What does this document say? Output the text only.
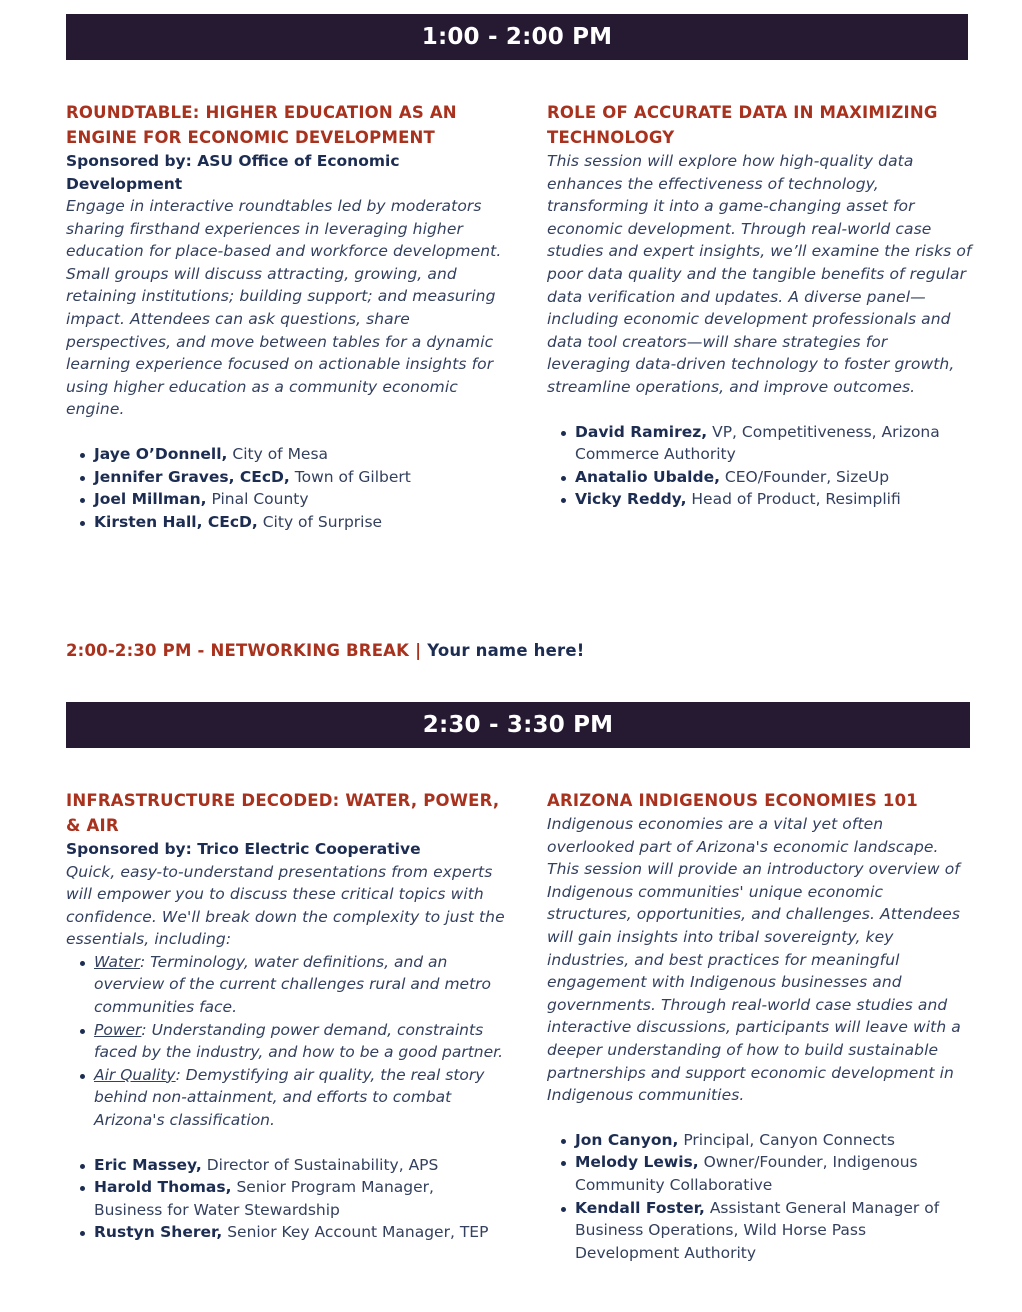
1:00 - 2:00 PM

ROUNDTABLE: HIGHER EDUCATION AS AN ENGINE FOR ECONOMIC DEVELOPMENT

Sponsored by: ASU Office of Economic Development

Engage in interactive roundtables led by moderators sharing firsthand experiences in leveraging higher education for place-based and workforce development. Small groups will discuss attracting, growing, and retaining institutions; building support; and measuring impact. Attendees can ask questions, share perspectives, and move between tables for a dynamic learning experience focused on actionable insights for using higher education as a community economic engine.

Jaye O’Donnell, City of Mesa
Jennifer Graves, CEcD, Town of Gilbert
Joel Millman, Pinal County
Kirsten Hall, CEcD, City of Surprise

ROLE OF ACCURATE DATA IN MAXIMIZING TECHNOLOGY

This session will explore how high-quality data enhances the effectiveness of technology, transforming it into a game-changing asset for economic development. Through real-world case studies and expert insights, we’ll examine the risks of poor data quality and the tangible benefits of regular data verification and updates. A diverse panel—including economic development professionals and data tool creators—will share strategies for leveraging data-driven technology to foster growth, streamline operations, and improve outcomes.

David Ramirez, VP, Competitiveness, Arizona Commerce Authority
Anatalio Ubalde, CEO/Founder, SizeUp
Vicky Reddy, Head of Product, Resimplifi
2:00-2:30 PM - NETWORKING BREAK | Your name here!
2:30 - 3:30 PM

INFRASTRUCTURE DECODED: WATER, POWER, & AIR

Sponsored by: Trico Electric Cooperative

Quick, easy-to-understand presentations from experts will empower you to discuss these critical topics with confidence. We'll break down the complexity to just the essentials, including:

Water: Terminology, water definitions, and an overview of the current challenges rural and metro communities face.
Power: Understanding power demand, constraints faced by the industry, and how to be a good partner.
Air Quality: Demystifying air quality, the real story behind non-attainment, and efforts to combat Arizona's classification.
Eric Massey, Director of Sustainability, APS
Harold Thomas, Senior Program Manager, Business for Water Stewardship
Rustyn Sherer, Senior Key Account Manager, TEP

ARIZONA INDIGENOUS ECONOMIES 101

Indigenous economies are a vital yet often overlooked part of Arizona's economic landscape. This session will provide an introductory overview of Indigenous communities' unique economic structures, opportunities, and challenges. Attendees will gain insights into tribal sovereignty, key industries, and best practices for meaningful engagement with Indigenous businesses and governments. Through real-world case studies and interactive discussions, participants will leave with a deeper understanding of how to build sustainable partnerships and support economic development in Indigenous communities.

Jon Canyon, Principal, Canyon Connects
Melody Lewis, Owner/Founder, Indigenous Community Collaborative
Kendall Foster, Assistant General Manager of Business Operations, Wild Horse Pass Development Authority
